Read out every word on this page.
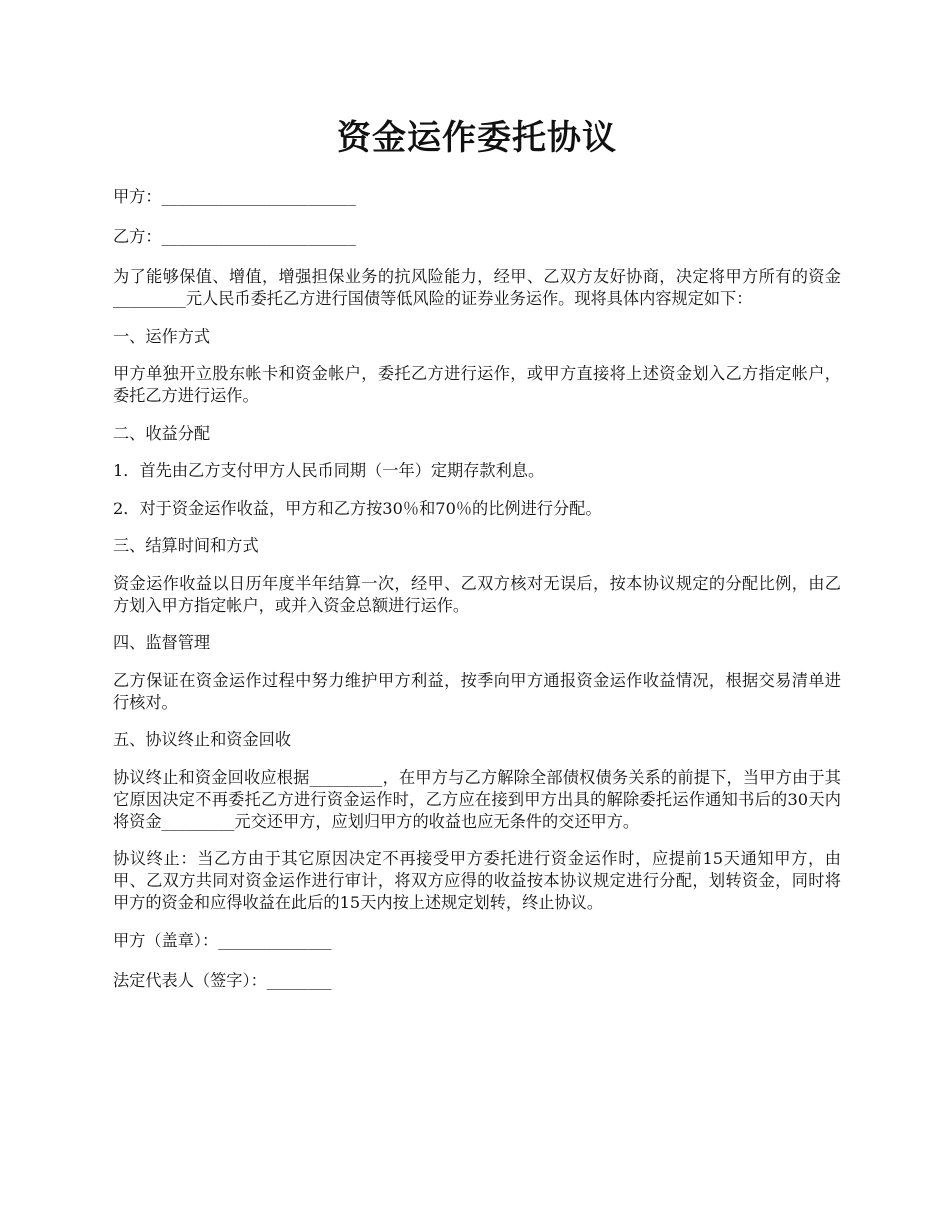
资金运作委托协议

甲方：________________________

乙方：________________________

为了能够保值、增值，增强担保业务的抗风险能力，经甲、乙双方友好协商，决定将甲方所有的资金_________元人民币委托乙方进行国债等低风险的证券业务运作。现将具体内容规定如下：

一、运作方式

甲方单独开立股东帐卡和资金帐户，委托乙方进行运作，或甲方直接将上述资金划入乙方指定帐户，委托乙方进行运作。

二、收益分配

1．首先由乙方支付甲方人民币同期（一年）定期存款利息。

2．对于资金运作收益，甲方和乙方按30％和70％的比例进行分配。

三、结算时间和方式

资金运作收益以日历年度半年结算一次，经甲、乙双方核对无误后，按本协议规定的分配比例，由乙方划入甲方指定帐户，或并入资金总额进行运作。

四、监督管理

乙方保证在资金运作过程中努力维护甲方利益，按季向甲方通报资金运作收益情况，根据交易清单进行核对。

五、协议终止和资金回收

协议终止和资金回收应根据_________，在甲方与乙方解除全部债权债务关系的前提下，当甲方由于其它原因决定不再委托乙方进行资金运作时，乙方应在接到甲方出具的解除委托运作通知书后的30天内将资金_________元交还甲方，应划归甲方的收益也应无条件的交还甲方。

协议终止：当乙方由于其它原因决定不再接受甲方委托进行资金运作时，应提前15天通知甲方，由甲、乙双方共同对资金运作进行审计，将双方应得的收益按本协议规定进行分配，划转资金，同时将甲方的资金和应得收益在此后的15天内按上述规定划转，终止协议。

甲方（盖章）：______________

法定代表人（签字）：________
